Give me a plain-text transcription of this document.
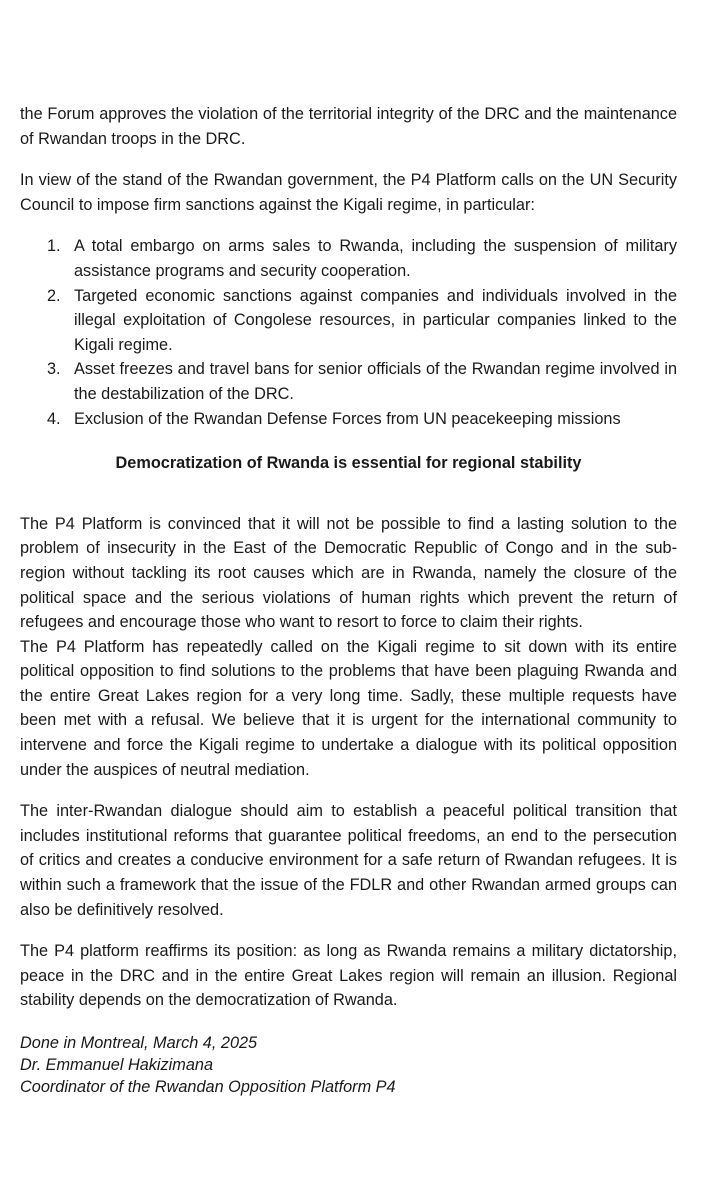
the Forum approves the violation of the territorial integrity of the DRC and the maintenance of Rwandan troops in the DRC.

In view of the stand of the Rwandan government, the P4 Platform calls on the UN Security Council to impose firm sanctions against the Kigali regime, in particular:

1. A total embargo on arms sales to Rwanda, including the suspension of military assistance programs and security cooperation.
2. Targeted economic sanctions against companies and individuals involved in the illegal exploitation of Congolese resources, in particular companies linked to the Kigali regime.
3. Asset freezes and travel bans for senior officials of the Rwandan regime involved in the destabilization of the DRC.
4. Exclusion of the Rwandan Defense Forces from UN peacekeeping missions

Democratization of Rwanda is essential for regional stability

The P4 Platform is convinced that it will not be possible to find a lasting solution to the problem of insecurity in the East of the Democratic Republic of Congo and in the sub-region without tackling its root causes which are in Rwanda, namely the closure of the political space and the serious violations of human rights which prevent the return of refugees and encourage those who want to resort to force to claim their rights.

The P4 Platform has repeatedly called on the Kigali regime to sit down with its entire political opposition to find solutions to the problems that have been plaguing Rwanda and the entire Great Lakes region for a very long time. Sadly, these multiple requests have been met with a refusal. We believe that it is urgent for the international community to intervene and force the Kigali regime to undertake a dialogue with its political opposition under the auspices of neutral mediation.

The inter-Rwandan dialogue should aim to establish a peaceful political transition that includes institutional reforms that guarantee political freedoms, an end to the persecution of critics and creates a conducive environment for a safe return of Rwandan refugees. It is within such a framework that the issue of the FDLR and other Rwandan armed groups can also be definitively resolved.

The P4 platform reaffirms its position: as long as Rwanda remains a military dictatorship, peace in the DRC and in the entire Great Lakes region will remain an illusion. Regional stability depends on the democratization of Rwanda.

Done in Montreal, March 4, 2025

Dr. Emmanuel Hakizimana

Coordinator of the Rwandan Opposition Platform P4
